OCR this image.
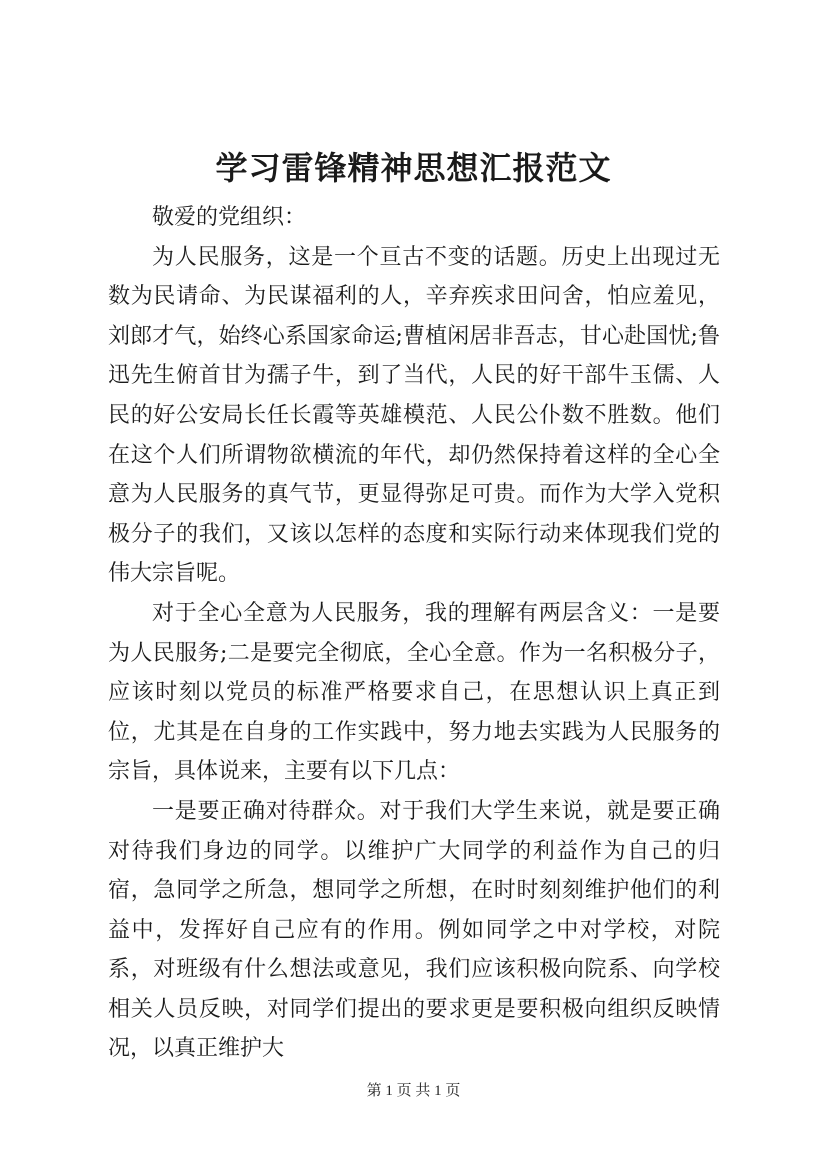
学习雷锋精神思想汇报范文

敬爱的党组织：

为人民服务，这是一个亘古不变的话题。历史上出现过无数为民请命、为民谋福利的人，辛弃疾求田问舍，怕应羞见，刘郎才气，始终心系国家命运;曹植闲居非吾志，甘心赴国忧;鲁迅先生俯首甘为孺子牛，到了当代，人民的好干部牛玉儒、人民的好公安局长任长霞等英雄模范、人民公仆数不胜数。他们在这个人们所谓物欲横流的年代，却仍然保持着这样的全心全意为人民服务的真气节，更显得弥足可贵。而作为大学入党积极分子的我们，又该以怎样的态度和实际行动来体现我们党的伟大宗旨呢。

对于全心全意为人民服务，我的理解有两层含义：一是要为人民服务;二是要完全彻底，全心全意。作为一名积极分子，应该时刻以党员的标准严格要求自己，在思想认识上真正到位，尤其是在自身的工作实践中，努力地去实践为人民服务的宗旨，具体说来，主要有以下几点：

一是要正确对待群众。对于我们大学生来说，就是要正确对待我们身边的同学。以维护广大同学的利益作为自己的归宿，急同学之所急，想同学之所想，在时时刻刻维护他们的利益中，发挥好自己应有的作用。例如同学之中对学校，对院系，对班级有什么想法或意见，我们应该积极向院系、向学校相关人员反映，对同学们提出的要求更是要积极向组织反映情况，以真正维护大

第 1 页 共 1 页
